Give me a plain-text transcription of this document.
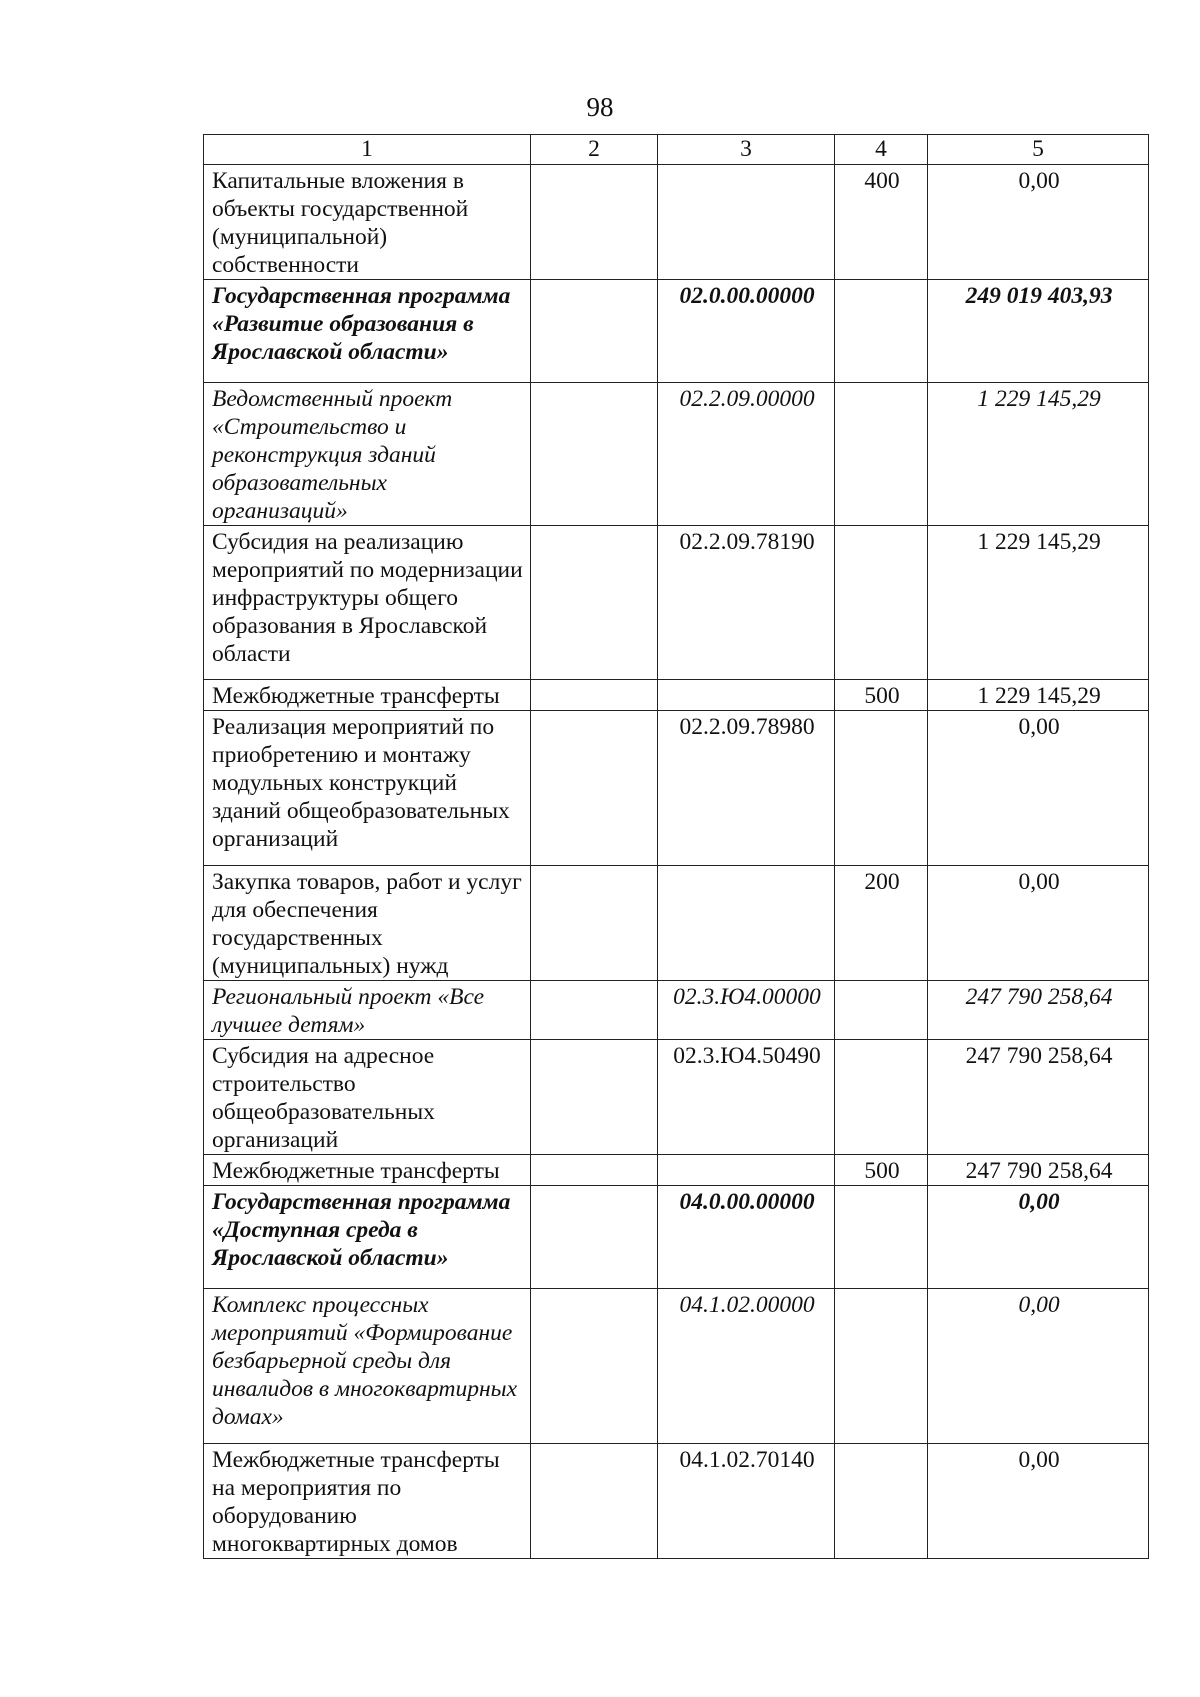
98
1	2	3	4	5
Капитальные вложения в объекты государственной (муниципальной) собственности			400	0,00
Государственная программа «Развитие образования в Ярославской области»		02.0.00.00000		249 019 403,93
Ведомственный проект «Строительство и реконструкция зданий образовательных организаций»		02.2.09.00000		1 229 145,29
Субсидия на реализацию мероприятий по модернизации инфраструктуры общего образования в Ярославской области		02.2.09.78190		1 229 145,29
Межбюджетные трансферты			500	1 229 145,29
Реализация мероприятий по приобретению и монтажу модульных конструкций зданий общеобразовательных организаций		02.2.09.78980		0,00
Закупка товаров, работ и услуг для обеспечения государственных (муниципальных) нужд			200	0,00
Региональный проект «Все лучшее детям»		02.3.Ю4.00000		247 790 258,64
Субсидия на адресное строительство общеобразовательных организаций		02.3.Ю4.50490		247 790 258,64
Межбюджетные трансферты			500	247 790 258,64
Государственная программа «Доступная среда в Ярославской области»		04.0.00.00000		0,00
Комплекс процессных мероприятий «Формирование безбарьерной среды для инвалидов в многоквартирных домах»		04.1.02.00000		0,00
Межбюджетные трансферты на мероприятия по оборудованию многоквартирных домов		04.1.02.70140		0,00
